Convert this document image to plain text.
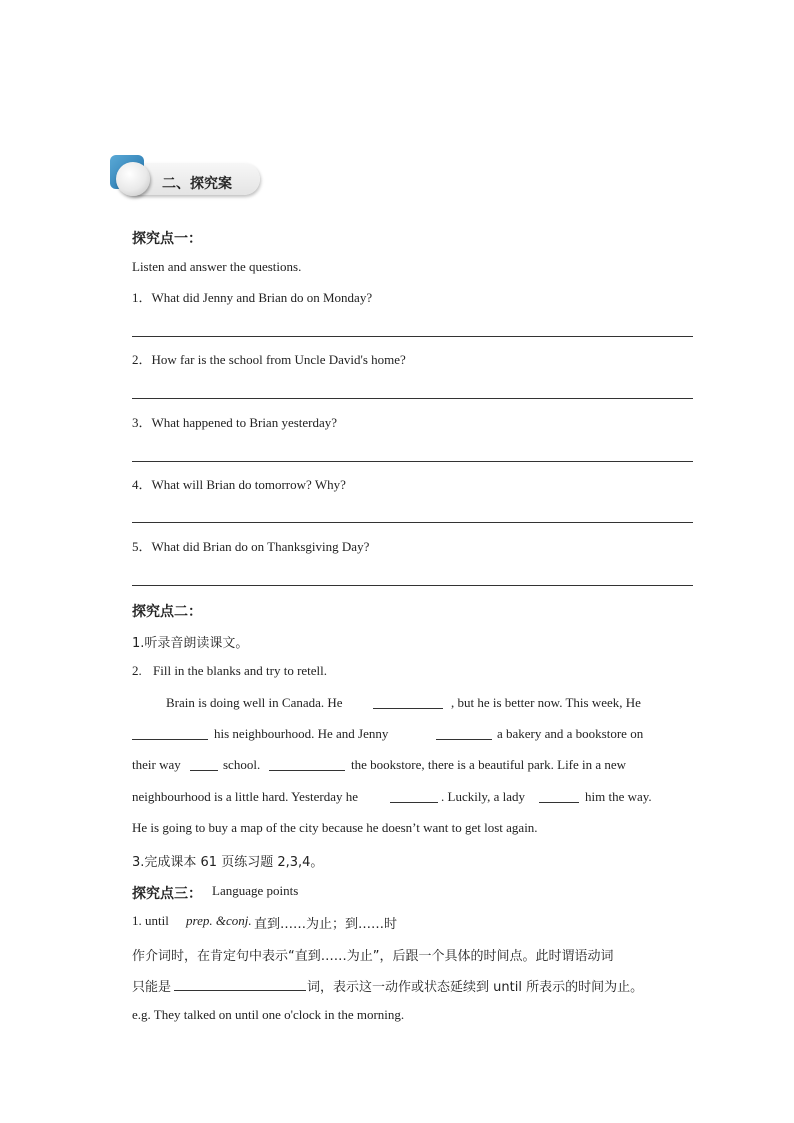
二、探究案
探究点一：
Listen and answer the questions.
1．What did Jenny and Brian do on Monday?
2．How far is the school from Uncle David's home?
3．What happened to Brian yesterday?
4．What will Brian do tomorrow? Why?
5．What did Brian do on Thanksgiving Day?
探究点二：
1.听录音朗读课文。
2. Fill in the blanks and try to retell.
Brain is doing well in Canada. He	, but he is better now. This week, He
his neighbourhood. He and Jenny	a bakery and a bookstore on
their way	school.	the bookstore, there is a beautiful park. Life in a new
neighbourhood is a little hard. Yesterday he	. Luckily, a lady	him the way.
He is going to buy a map of the city because he doesn’t want to get lost again.
3.完成课本 61 页练习题 2,3,4。
探究点三： Language points
1. until prep. &conj. 直到……为止；到……时
作介词时，在肯定句中表示“直到……为止”，后跟一个具体的时间点。此时谓语动词
只能是	词，表示这一动作或状态延续到 until 所表示的时间为止。
e.g. They talked on until one o'clock in the morning.
